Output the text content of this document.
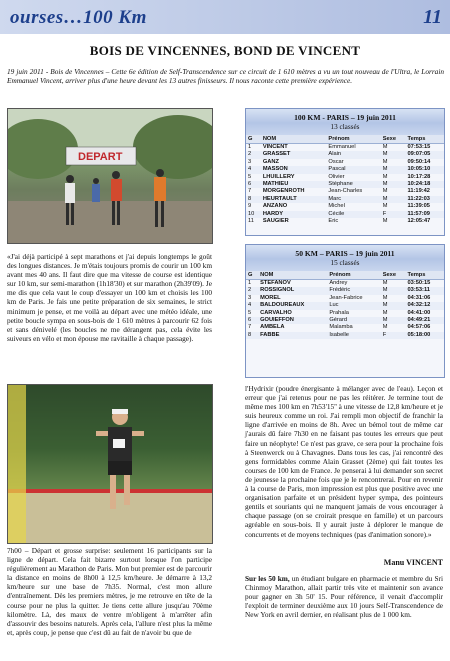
ourses…100 Km	11
BOIS DE VINCENNES, BOND DE VINCENT
19 juin 2011 - Bois de Vincennes – Cette 6e édition de Self-Transcendence sur ce circuit de 1 610 mètres a vu un tout nouveau de l'Ultra, le Lorrain Emmanuel Vincent, arriver plus d'une heure devant les 13 autres finisseurs. Il nous raconte cette première expérience.
DEPART
«J'ai déjà participé à sept marathons et j'ai depuis longtemps le goût des longues distances. Je m'étais toujours promis de courir un 100 km avant mes 40 ans. Il faut dire que ma vitesse de course est identique sur 10 km, sur semi-marathon (1h18'30) et sur marathon (2h39'09). Je me dis que cela vaut le coup d'essayer un 100 km et choisis les 100 km de Paris. Je fais une petite préparation de six semaines, le strict minimum je pense, et me voilà au départ avec une météo idéale, une petite boucle sympa en sous-bois de 1 610 mètres à parcourir 62 fois et sans dénivelé (les boucles ne me dérangent pas, cela évite les suiveurs en vélo et mon épouse me ravitaille à chaque passage).
7h00 – Départ et grosse surprise: seulement 16 participants sur la ligne de départ. Cela fait bizarre surtout lorsque l'on participe régulièrement au Marathon de Paris. Mon but premier est de parcourir la distance en moins de 8h00 à 12,5 km/heure. Je démarre à 13,2 km/heure sur une base de 7h35. Normal, c'est mon allure d'entraînement. Dès les premiers mètres, je me retrouve en tête de la course pour ne plus la quitter. Je tiens cette allure jusqu'au 70ème kilomètre. Là, des maux de ventre m'obligent à m'arrêter afin d'assouvir des besoins naturels. Après cela, l'allure n'est plus la même et, après coup, je pense que c'est dû au fait de n'avoir bu que de
100 KM - PARIS – 19 juin 2011
13 classés
G	NOM	Prénom	Sexe	Temps
1	VINCENT	Emmanuel	M	07:53:15
2	GRASSET	Alain	M	09:07:05
3	GANZ	Oscar	M	09:50:14
4	MASSON	Pascal	M	10:05:10
5	LHUILLERY	Olivier	M	10:17:28
6	MATHIEU	Stéphane	M	10:24:18
7	MORGENROTH	Jean-Charles	M	11:19:42
8	HEURTAULT	Marc	M	11:22:03
9	ANZANO	Michel	M	11:39:05
10	HARDY	Cécile	F	11:57:09
11	SAUGIER	Eric	M	12:05:47
50 KM – PARIS – 19 juin 2011
15 classés
G	NOM	Prénom	Sexe	Temps
1	STEFANOV	Andrey	M	03:50:15
2	ROSSIGNOL	Frédéric	M	03:53:11
3	MOREL	Jean-Fabrice	M	04:31:06
4	BALDOUREAUX	Luc	M	04:32:12
5	CARVALHO	Prahala	M	04:41:00
6	GOUIEFFON	Gérard	M	04:49:21
7	AMBELA	Malamba	M	04:57:06
8	FABBE	Isabelle	F	05:18:00
l'Hydrixir (poudre énergisante à mélanger avec de l'eau). Leçon et erreur que j'ai retenus pour ne pas les réitérer. Je termine tout de même mes 100 km en 7h53'15'' à une vitesse de 12,8 km/heure et je suis heureux comme un roi. J'ai rempli mon objectif de franchir la ligne d'arrivée en moins de 8h. Avec un bémol tout de même car j'aurais dû faire 7h30 en ne faisant pas toutes les erreurs que peut faire un néophyte! Ce n'est pas grave, ce sera pour la prochaine fois à Steenwerck ou à Chavagnes. Dans tous les cas, j'ai rencontré des gens formidables comme Alain Grasset (2ème) qui fait toutes les courses de 100 km de France. Je penserai à lui demander son secret de jeunesse la prochaine fois que je le rencontrerai. Pour en revenir à la course de Paris, mon impression est plus que positive avec une organisation parfaite et un président hyper sympa, des pointeurs gentils et souriants qui ne manquent jamais de vous encourager à chaque passage (on se croirait presque en famille) et un parcours agréable en sous-bois. Il y aurait juste à déplorer le manque de concurrents et de moyens techniques (pas d'animation sonore).»
Manu VINCENT
Sur les 50 km, un étudiant bulgare en pharmacie et membre du Sri Chinmoy Marathon, allait partir très vite et maintenir son avance pour gagner en 3h 50' 15. Pour référence, il venait d'accomplir l'exploit de terminer deuxième aux 10 jours Self-Transcendence de New York en avril dernier, en réalisant plus de 1 000 km.
